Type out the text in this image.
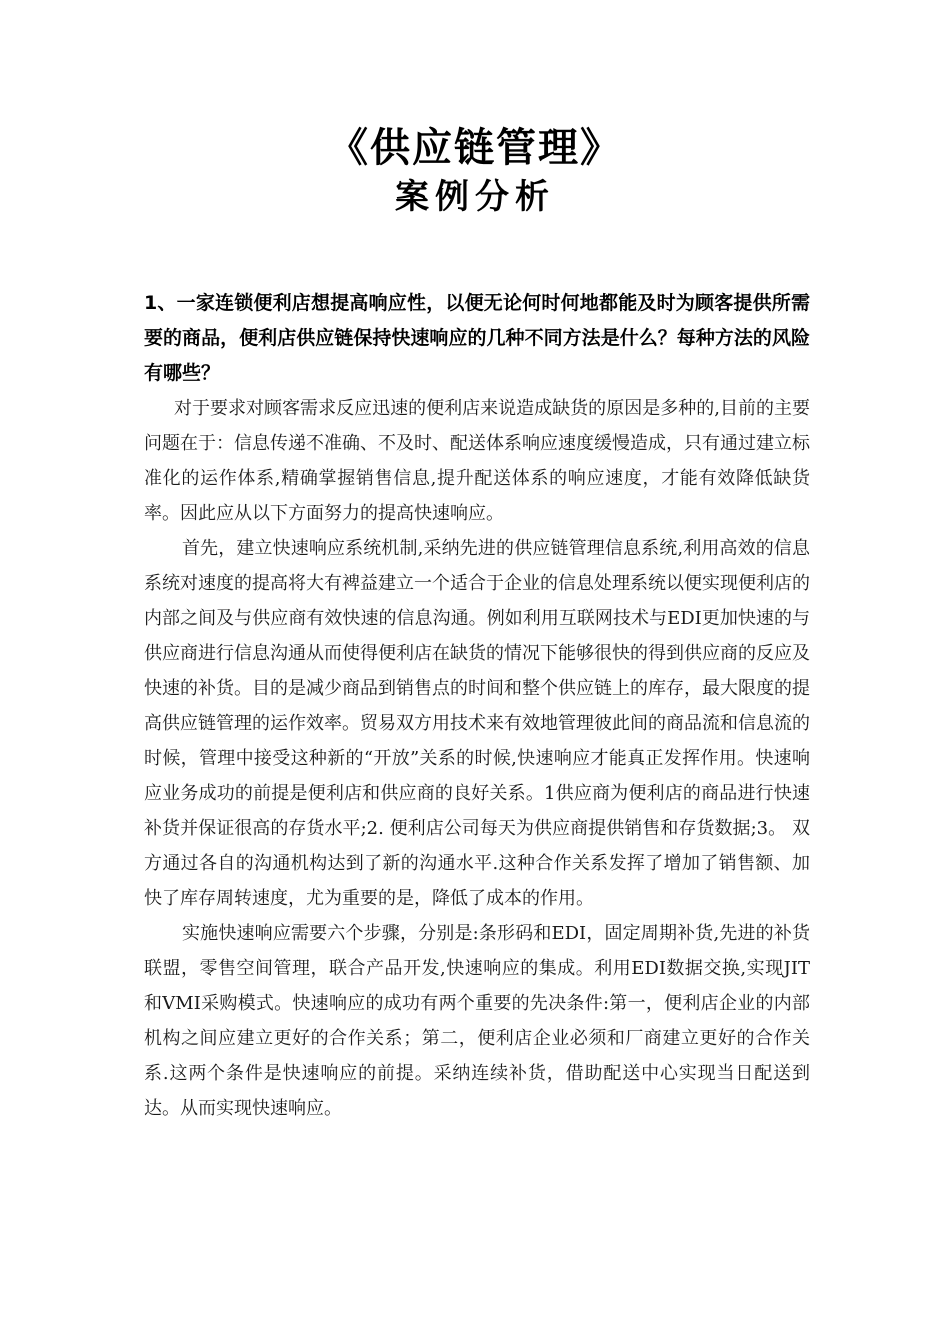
《供应链管理》
案例分析

1、一家连锁便利店想提高响应性，以便无论何时何地都能及时为顾客提供所需要的商品，便利店供应链保持快速响应的几种不同方法是什么？每种方法的风险有哪些？

对于要求对顾客需求反应迅速的便利店来说造成缺货的原因是多种的,目前的主要问题在于：信息传递不准确、不及时、配送体系响应速度缓慢造成，只有通过建立标准化的运作体系,精确掌握销售信息,提升配送体系的响应速度，才能有效降低缺货率。因此应从以下方面努力的提高快速响应。

首先，建立快速响应系统机制,采纳先进的供应链管理信息系统,利用高效的信息系统对速度的提高将大有裨益建立一个适合于企业的信息处理系统以便实现便利店的内部之间及与供应商有效快速的信息沟通。例如利用互联网技术与EDI更加快速的与供应商进行信息沟通从而使得便利店在缺货的情况下能够很快的得到供应商的反应及快速的补货。目的是减少商品到销售点的时间和整个供应链上的库存，最大限度的提高供应链管理的运作效率。贸易双方用技术来有效地管理彼此间的商品流和信息流的时候，管理中接受这种新的“开放”关系的时候,快速响应才能真正发挥作用。快速响应业务成功的前提是便利店和供应商的良好关系。1供应商为便利店的商品进行快速补货并保证很高的存货水平;2. 便利店公司每天为供应商提供销售和存货数据;3。 双方通过各自的沟通机构达到了新的沟通水平.这种合作关系发挥了增加了销售额、加快了库存周转速度，尤为重要的是，降低了成本的作用。

实施快速响应需要六个步骤，分别是:条形码和EDI，固定周期补货,先进的补货联盟，零售空间管理，联合产品开发,快速响应的集成。利用EDI数据交换,实现JIT和VMI采购模式。快速响应的成功有两个重要的先决条件:第一，便利店企业的内部机构之间应建立更好的合作关系；第二，便利店企业必须和厂商建立更好的合作关系.这两个条件是快速响应的前提。采纳连续补货，借助配送中心实现当日配送到达。从而实现快速响应。
